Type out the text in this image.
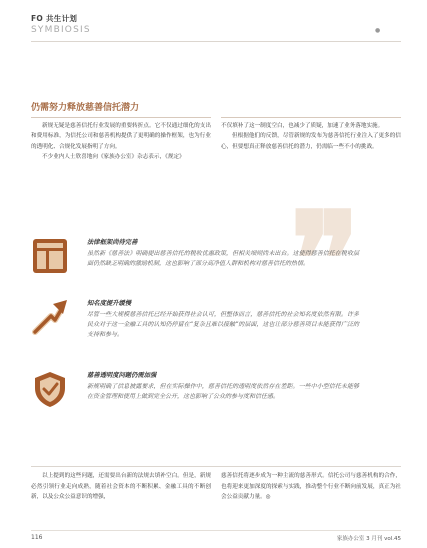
FO 共生计划
SYMBIOSIS	●
仍需努力释放慈善信托潜力

新规无疑是慈善信托行业发展的重要转折点。它不仅通过细化的支出和费用标准，为信托公司和慈善机构提供了更明确的操作框架，也为行业的透明化、合规化发展指明了方向。

不少业内人士欣喜地向《家族办公室》杂志表示，《规定》

不仅填补了这一制度空白，也减少了质疑，加速了业务落地实施。

但根据他们的反馈，尽管新规的发布为慈善信托行业注入了更多的信心，但要想真正释放慈善信托的潜力，仍需临一些不小的挑战。

❞
法律框架尚待完善
虽然新《慈善法》明确提出慈善信托的税收优惠政策，但相关细则尚未出台。这使得慈善信托在税收层面仍然缺乏明确的激励机制，这也影响了部分高净值人群和机构对慈善信托的热情。
知名度提升缓慢
尽管一些大规模慈善信托已经开始获得社会认可，但整体而言，慈善信托的社会知名度依然有限。许多民众对于这一金融工具的认知仍停留在“复杂且难以接触”的层面，这也让部分慈善项目未能获得广泛的支持和参与。
慈善透明度问题仍需加强
新规明确了信息披露要求，但在实际操作中，慈善信托的透明度依然存在差距。一些中小型信托未能够在资金管理和使用上做到完全公开，这也影响了公众的参与度和信任感。
以上提到的这些问题，还需要出台新的法规去填补空白。但是，新规必然引领行业走向成熟，随着社会资本的不断积累、金融工具的不断创新，以及公众公益意识的增强，
慈善信托将逐步成为一种主流的慈善形式。信托公司与慈善机构的合作，也将迎来更加深度的探索与实践，推动整个行业不断向前发展，真正为社会公益贡献力量。◎
116	家族办公室 3 月刊 vol.45
